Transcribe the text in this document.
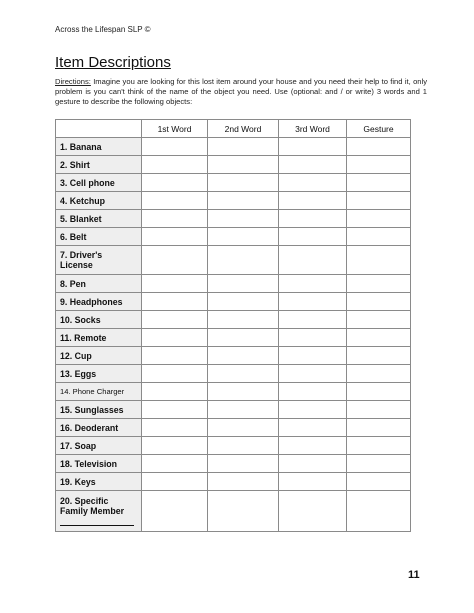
Across the Lifespan SLP ©
Item Descriptions
Directions: Imagine you are looking for this lost item around your house and you need their help to find it, only problem is you can't think of the name of the object you need. Use (optional: and / or write) 3 words and 1 gesture to describe the following objects:
	1st Word	2nd Word	3rd Word	Gesture
1. Banana				
2. Shirt				
3. Cell phone				
4. Ketchup				
5. Blanket				
6. Belt				
7. Driver's License				
8. Pen				
9. Headphones				
10. Socks				
11. Remote				
12. Cup				
13. Eggs				
14. Phone Charger				
15. Sunglasses				
16. Deoderant				
17. Soap				
18. Television				
19. Keys				
20. Specific Family Member

11
